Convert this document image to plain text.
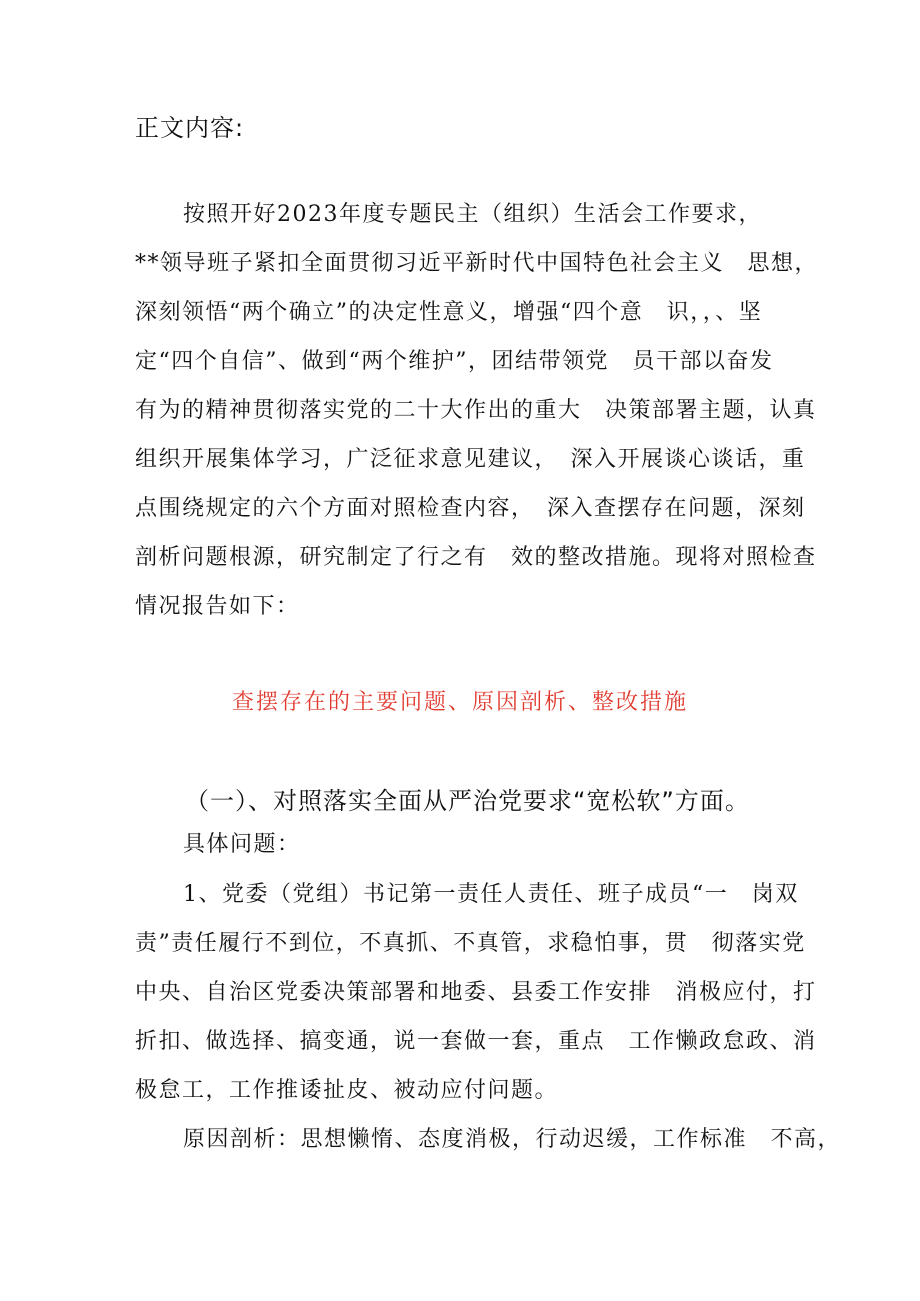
正文内容:
按照开好2023年度专题民主（组织）生活会工作要求，
**领导班子紧扣全面贯彻习近平新时代中国特色社会主义　思想，
深刻领悟“两个确立”的决定性意义，增强“四个意　识，，、坚
定“四个自信”、做到“两个维护”，团结带领党　员干部以奋发
有为的精神贯彻落实党的二十大作出的重大　决策部署主题，认真
组织开展集体学习，广泛征求意见建议，　深入开展谈心谈话，重
点围绕规定的六个方面对照检查内容，　深入查摆存在问题，深刻
剖析问题根源，研究制定了行之有　效的整改措施。现将对照检查
情况报告如下：
查摆存在的主要问题、原因剖析、整改措施
（一）、对照落实全面从严治党要求“宽松软”方面。
具体问题：
1、党委（党组）书记第一责任人责任、班子成员“一　岗双
责”责任履行不到位，不真抓、不真管，求稳怕事，贯　彻落实党
中央、自治区党委决策部署和地委、县委工作安排　消极应付，打
折扣、做选择、搞变通，说一套做一套，重点　工作懒政怠政、消
极怠工，工作推诿扯皮、被动应付问题。
原因剖析：思想懒惰、态度消极，行动迟缓，工作标准　不高，
